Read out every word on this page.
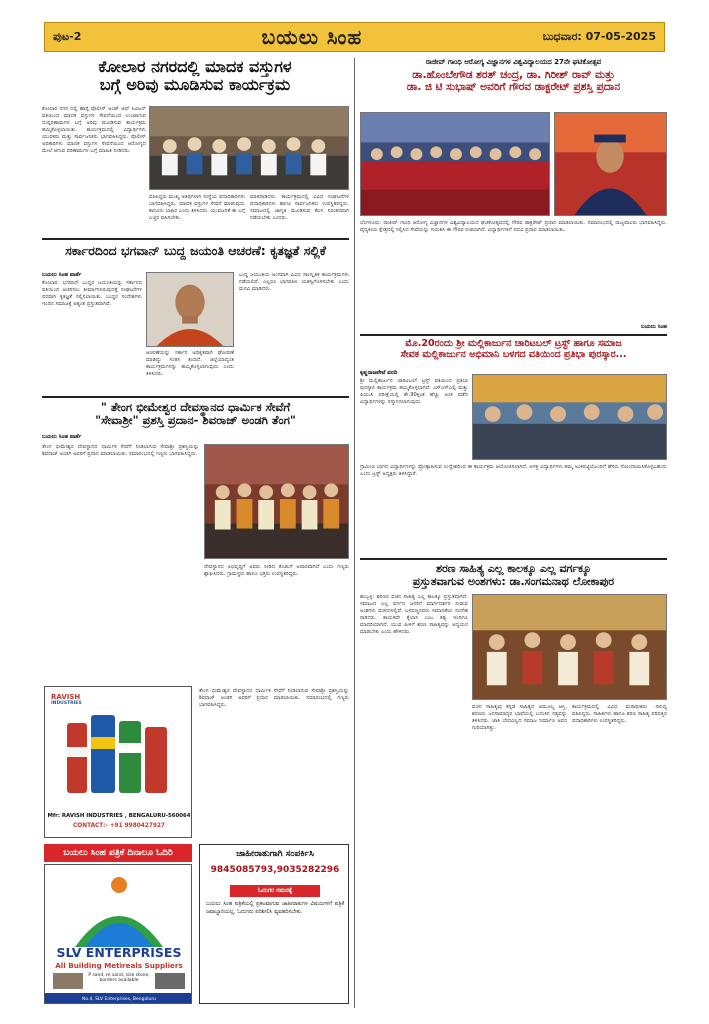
ಪುಟ-2	ಬಯಲು ಸಿಂಹ	ಬುಧವಾರ: 07-05-2025
ಕೋಲಾರ ನಗರದಲ್ಲಿ ಮಾದಕ ವಸ್ತುಗಳ
ಬಗ್ಗೆ ಅರಿವು ಮೂಡಿಸುವ ಕಾರ್ಯಕ್ರಮ
ಕೋಲಾರ ನಗರ ದಲ್ಲಿ ಹಾಸ್ಕೆ ಪೊಲೀಸ್ ಅಂಡ್ ಆಫ್ ಸಿಟಿಜನ್ ವತಿಯಿಂದ ಮಾದಕ ವಸ್ತುಗಳ ಸೇವನೆಯಿಂದ ಉಂಟಾಗುವ ದುಷ್ಪರಿಣಾಮಗಳ ಬಗ್ಗೆ ಅರಿವು ಮೂಡಿಸುವ ಕಾರ್ಯಕ್ರಮ ಹಮ್ಮಿಕೊಳ್ಳಲಾಯಿತು. ಕಾರ್ಯಕ್ರಮದಲ್ಲಿ ವಿದ್ಯಾರ್ಥಿಗಳು ಯುವಕರು ಮತ್ತು ಸಾರ್ವಜನಿಕರು ಭಾಗವಹಿಸಿದ್ದರು. ಪೊಲೀಸ್ ಅಧಿಕಾರಿಗಳು ಮಾದಕ ವಸ್ತುಗಳ ಸೇವನೆಯಿಂದ ಆರೋಗ್ಯದ ಮೇಲೆ ಆಗುವ ಪರಿಣಾಮಗಳ ಬಗ್ಗೆ ಮಾಹಿತಿ ನೀಡಿದರು.
ವಹಿಸಿದ್ದರು ಮುಖ್ಯ ಅತಿಥಿಗಳಾಗಿ ಸಂಸ್ಥೆಯ ಪದಾಧಿಕಾರಿಗಳು ಭಾಗವಹಿಸಿದ್ದರು. ಮಾದಕ ವಸ್ತುಗಳ ಸೇವನೆ ಮಾಡುವುದು ಕಾನೂನು ಬಾಹಿರ ಎಂದು ತಿಳಿಸಿದರು. ಯುವಜನತೆ ಈ ಬಗ್ಗೆ ಎಚ್ಚರ ವಹಿಸಬೇಕು.
ಮಾತನಾಡಿದರು. ಕಾರ್ಯಕ್ರಮದಲ್ಲಿ ವಿವಿಧ ಸಂಘಟನೆಗಳ ಪದಾಧಿಕಾರಿಗಳು ಹಾಗೂ ಸಾರ್ವಜನಿಕರು ಉಪಸ್ಥಿತರಿದ್ದರು. ಸಮಾಜದಲ್ಲಿ ಜಾಗೃತಿ ಮೂಡಿಸುವ ಕೆಲಸ ನಿರಂತರವಾಗಿ ನಡೆಯಬೇಕು ಎಂದರು.
ಸರ್ಕಾರದಿಂದ ಭಗವಾನ್ ಬುದ್ದ ಜಯಂತಿ ಆಚರಣೆ: ಕೃತಜ್ಞತೆ ಸಲ್ಲಿಕೆ
ಬಯಲು ಸಿಂಹ ವಾರ್ತೆ
ಕೋಲಾರ: ಭಗವಾನ್ ಬುದ್ಧರ ಜಯಂತಿಯನ್ನು ಸರ್ಕಾರದ ವತಿಯಿಂದ ಆಚರಿಸಲು ತೀರ್ಮಾನಿಸಿರುವುದಕ್ಕೆ ಸಂಘಟನೆಗಳ ಪರವಾಗಿ ಕೃತಜ್ಞತೆ ಸಲ್ಲಿಸಲಾಯಿತು. ಬುದ್ಧರ ಸಂದೇಶಗಳು ಇಂದಿನ ಸಮಾಜಕ್ಕೆ ಅತ್ಯಂತ ಪ್ರಸ್ತುತವಾಗಿವೆ.
ಆಚರಣೆಯನ್ನು ಸರ್ಕಾರ ಅಧಿಕೃತವಾಗಿ ಘೋಷಣೆ ಮಾಡಿದ್ದು ಸಂತಸ ತಂದಿದೆ. ಜಿಲ್ಲೆಯಾದ್ಯಂತ ಕಾರ್ಯಕ್ರಮಗಳನ್ನು ಹಮ್ಮಿಕೊಳ್ಳಲಾಗುವುದು ಎಂದು ತಿಳಿಸಿದರು.
ಬುದ್ಧ ಜಯಂತಿಯ ಅಂಗವಾಗಿ ವಿವಿಧ ಸಾಂಸ್ಕೃತಿಕ ಕಾರ್ಯಕ್ರಮಗಳು ನಡೆಯಲಿವೆ. ಎಲ್ಲರೂ ಭಾಗವಹಿಸಿ ಯಶಸ್ವಿಗೊಳಿಸಬೇಕು ಎಂದು ಮನವಿ ಮಾಡಿದರು.
" ತೇಂಗ ಭೀಮೇಶ್ವರ ದೇವಸ್ಥಾನದ ಧಾರ್ಮಿಕ ಸೇವೆಗೆ
"ಸೇವಾಶ್ರೀ" ಪ್ರಶಸ್ತಿ ಪ್ರದಾನ- ಶಿವರಾಜ್ ಅಂಡಗಿ ತೆಂಗ"
ಬಯಲು ಸಿಂಹ ವಾರ್ತೆ
ತೇಂಗ ಭೀಮೇಶ್ವರ ದೇವಸ್ಥಾನದ ಧಾರ್ಮಿಕ ಸೇವೆಗೆ ನೀಡಲಾಗುವ ಸೇವಾಶ್ರೀ ಪ್ರಶಸ್ತಿಯನ್ನು ಶಿವರಾಜ್ ಅಂಡಗಿ ಅವರಿಗೆ ಪ್ರದಾನ ಮಾಡಲಾಯಿತು. ಸಮಾರಂಭದಲ್ಲಿ ಗಣ್ಯರು ಭಾಗವಹಿಸಿದ್ದರು.
ದೇವಸ್ಥಾನದ ಅಭಿವೃದ್ಧಿಗೆ ಅವರು ನೀಡಿದ ಕೊಡುಗೆ ಅಪಾರವಾಗಿದೆ ಎಂದು ಗಣ್ಯರು ಶ್ಲಾಘಿಸಿದರು. ಗ್ರಾಮಸ್ಥರು ಹಾಗೂ ಭಕ್ತರು ಉಪಸ್ಥಿತರಿದ್ದರು.
RAVISH
INDUSTRIES
Mfr: RAVISH INDUSTRIES , BENGALURU-560064
CONTACT:- +91 9980427927
ತೇಂಗ ಭೀಮೇಶ್ವರ ದೇವಸ್ಥಾನದ ಧಾರ್ಮಿಕ ಸೇವೆಗೆ ನೀಡಲಾಗುವ ಸೇವಾಶ್ರೀ ಪ್ರಶಸ್ತಿಯನ್ನು ಶಿವರಾಜ್ ಅಂಡಗಿ ಅವರಿಗೆ ಪ್ರದಾನ ಮಾಡಲಾಯಿತು. ಸಮಾರಂಭದಲ್ಲಿ ಗಣ್ಯರು ಭಾಗವಹಿಸಿದ್ದರು.
ಬಯಲು ಸಿಂಹ ಪತ್ರಿಕೆ ದಿನಾಲೂ ಓದಿರಿ
SLV ENTERPRISES
All Building Metireals Suppliers
P sand, m sand, size stone, borders available
No.4, SLV Enterprises, Bengaluru
ಜಾಹೀರಾತುಗಾಗಿ ಸಂಪರ್ಕಿಸಿ
9845085793,9035282296
ಓದುಗರ ಗಮನಕ್ಕೆ
ಬಯಲು ಸಿಂಹ ಪತ್ರಿಕೆಯಲ್ಲಿ ಪ್ರಕಟವಾಗುವ ಜಾಹೀರಾತುಗಳ ವಿಷಯಗಳಿಗೆ ಪತ್ರಿಕೆ ಜವಾಬ್ದಾರಿಯಲ್ಲ. ಓದುಗರು ಪರಿಶೀಲಿಸಿ ವ್ಯವಹರಿಸಬೇಕು.
ರಾಜೀವ್ ಗಾಂಧಿ ಆರೋಗ್ಯ ವಿಜ್ಞಾನಗಳ ವಿಶ್ವವಿದ್ಯಾಲಯದ 27ನೇ ಘಟಿಕೋತ್ಸವ
ಡಾ.ಹೊಂಬೇಗೌಡ ಶರತ್ ಚಂದ್ರ, ಡಾ. ಗಿರೀಶ್ ರಾವ್ ಮತ್ತು
ಡಾ. ಜಿ ಟಿ ಸುಭಾಷ್ ಅವರಿಗೆ ಗೌರವ ಡಾಕ್ಟರೇಟ್ ಪ್ರಶಸ್ತಿ ಪ್ರದಾನ
ಬೆಂಗಳೂರು: ರಾಜೀವ್ ಗಾಂಧಿ ಆರೋಗ್ಯ ವಿಜ್ಞಾನಗಳ ವಿಶ್ವವಿದ್ಯಾಲಯದ ಘಟಿಕೋತ್ಸವದಲ್ಲಿ ಗೌರವ ಡಾಕ್ಟರೇಟ್ ಪ್ರದಾನ ಮಾಡಲಾಯಿತು. ಸಮಾರಂಭದಲ್ಲಿ ರಾಜ್ಯಪಾಲರು ಭಾಗವಹಿಸಿದ್ದರು. ವೈದ್ಯಕೀಯ ಕ್ಷೇತ್ರದಲ್ಲಿ ಸಲ್ಲಿಸಿದ ಸೇವೆಯನ್ನು ಗುರುತಿಸಿ ಈ ಗೌರವ ನೀಡಲಾಗಿದೆ. ವಿದ್ಯಾರ್ಥಿಗಳಿಗೆ ಪದವಿ ಪ್ರದಾನ ಮಾಡಲಾಯಿತು.
ಬಯಲು ಸಿಂಹ
ಮೊ.20ರಂದು ಶ್ರೀ ಮಲ್ಲಿಕಾರ್ಜುನ ಚಾರಿಟಬಲ್ ಟ್ರಸ್ಟ್ ಹಾಗೂ ಸಮಾಜ
ಸೇವಕ ಮಲ್ಲಿಕಾರ್ಜುನ ಅಭಿಮಾನಿ ಬಳಗದ ವತಿಯಿಂದ ಪ್ರತಿಭಾ ಪುರಸ್ಕಾರ...
ಕೃಷ್ಣರಾಜಪೇಟೆ ವರದಿ
ಶ್ರೀ ಮಲ್ಲಿಕಾರ್ಜುನ ಚಾರಿಟಬಲ್ ಟ್ರಸ್ಟ್ ವತಿಯಿಂದ ಪ್ರತಿಭಾ ಪುರಸ್ಕಾರ ಕಾರ್ಯಕ್ರಮ ಹಮ್ಮಿಕೊಳ್ಳಲಾಗಿದೆ. ಎಸ್ಎಸ್ಎಲ್ಸಿ ಮತ್ತು ಪಿಯುಸಿ ಪರೀಕ್ಷೆಯಲ್ಲಿ ಶೇ.90ಕ್ಕಿಂತ ಹೆಚ್ಚು ಅಂಕ ಪಡೆದ ವಿದ್ಯಾರ್ಥಿಗಳನ್ನು ಸನ್ಮಾನಿಸಲಾಗುವುದು.
ಗ್ರಾಮೀಣ ಭಾಗದ ವಿದ್ಯಾರ್ಥಿಗಳನ್ನು ಪ್ರೋತ್ಸಾಹಿಸುವ ಉದ್ದೇಶದಿಂದ ಈ ಕಾರ್ಯಕ್ರಮ ಆಯೋಜಿಸಲಾಗಿದೆ. ಆಸಕ್ತ ವಿದ್ಯಾರ್ಥಿಗಳು ತಮ್ಮ ಅಂಕಪಟ್ಟಿಯೊಂದಿಗೆ ಹೆಸರು ನೋಂದಾಯಿಸಿಕೊಳ್ಳಬಹುದು ಎಂದು ಟ್ರಸ್ಟ್ ಅಧ್ಯಕ್ಷರು ತಿಳಿಸಿದ್ದಾರೆ.
ಶರಣ ಸಾಹಿತ್ಯ ಎಲ್ಲ ಕಾಲಕ್ಕೂ ಎಲ್ಲ ವರ್ಗಕ್ಕೂ
ಪ್ರಸ್ತುತವಾಗುವ ಅಂಶಗಳು: ಡಾ.ಸಂಗಮನಾಥ ಲೋಕಾಪುರ
ಹುಬ್ಬಳ್ಳಿ: ಶರಣರ ವಚನ ಸಾಹಿತ್ಯ ಎಲ್ಲ ಕಾಲಕ್ಕೂ ಪ್ರಸ್ತುತವಾಗಿದೆ. ಸಮಾಜದ ಎಲ್ಲ ವರ್ಗದ ಜನರಿಗೆ ಮಾರ್ಗದರ್ಶನ ನೀಡುವ ಅಂಶಗಳು ವಚನಗಳಲ್ಲಿವೆ. ಬಸವಣ್ಣನವರು ಸಮಾನತೆಯ ಸಂದೇಶ ಸಾರಿದರು. ಕಾಯಕವೇ ಕೈಲಾಸ ಎಂಬ ತತ್ವ ಇಂದಿಗೂ ಮಾದರಿಯಾಗಿದೆ. ಯುವ ಪೀಳಿಗೆ ಶರಣ ಸಾಹಿತ್ಯವನ್ನು ಅಧ್ಯಯನ ಮಾಡಬೇಕು ಎಂದು ಹೇಳಿದರು.
ವಚನ ಸಾಹಿತ್ಯವು ಕನ್ನಡ ಸಾಹಿತ್ಯದ ಅಮೂಲ್ಯ ಆಸ್ತಿ. ಶರಣರು ಜನಸಾಮಾನ್ಯರ ಭಾಷೆಯಲ್ಲಿ ಬದುಕಿನ ಸತ್ಯವನ್ನು ತಿಳಿಸಿದರು. ಜಾತಿ ಭೇದವಿಲ್ಲದ ಸಮಾಜ ನಿರ್ಮಾಣ ಅವರ ಗುರಿಯಾಗಿತ್ತು.
ಕಾರ್ಯಕ್ರಮದಲ್ಲಿ ವಿವಿಧ ಮಠಾಧೀಶರು ಸಾನಿಧ್ಯ ವಹಿಸಿದ್ದರು. ಸಾಹಿತಿಗಳು ಹಾಗೂ ಶರಣ ಸಾಹಿತ್ಯ ಪರಿಷತ್ತಿನ ಪದಾಧಿಕಾರಿಗಳು ಉಪಸ್ಥಿತರಿದ್ದರು.
